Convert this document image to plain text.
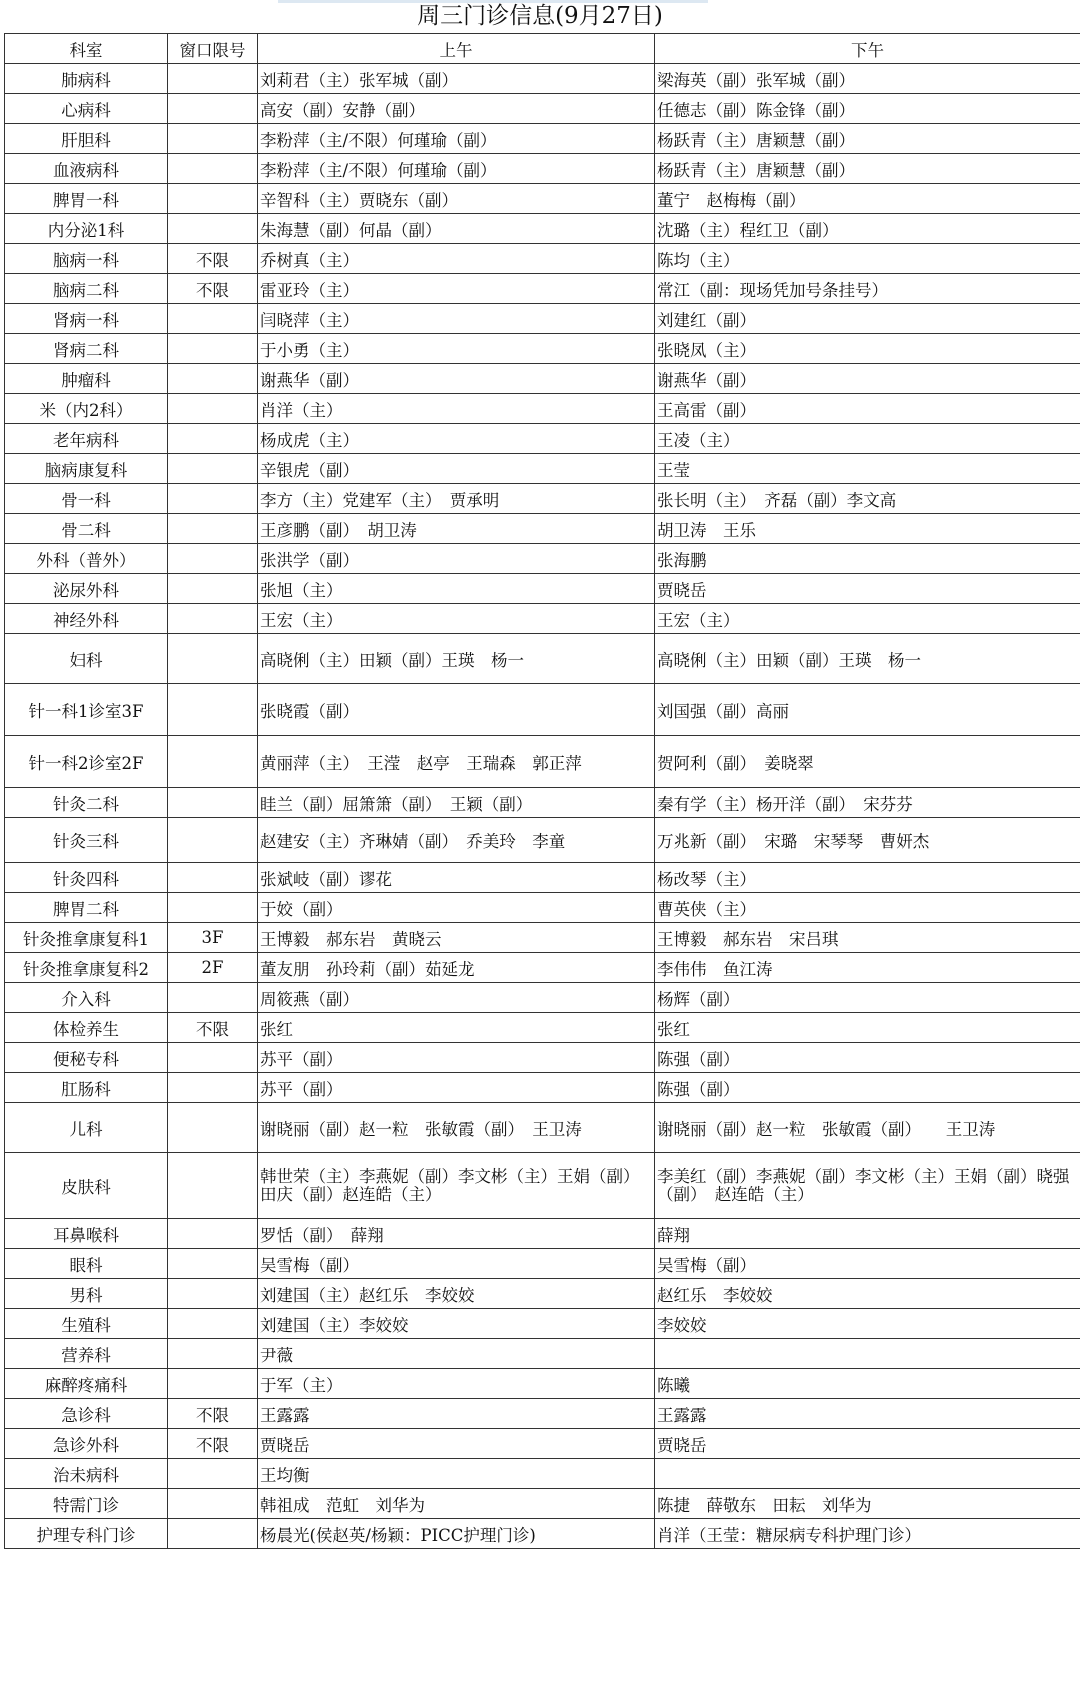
周三门诊信息(9月27日)
科室	窗口限号	上午	下午
肺病科		刘莉君（主）张军城（副）	梁海英（副）张军城（副）
心病科		高安（副）安静（副）	任德志（副）陈金锋（副）
肝胆科		李粉萍（主/不限）何瑾瑜（副）	杨跃青（主）唐颖慧（副）
血液病科		李粉萍（主/不限）何瑾瑜（副）	杨跃青（主）唐颖慧（副）
脾胃一科		辛智科（主）贾晓东（副）	董宁　赵梅梅（副）
内分泌1科		朱海慧（副）何晶（副）	沈璐（主）程红卫（副）
脑病一科	不限	乔树真（主）	陈均（主）
脑病二科	不限	雷亚玲（主）	常江（副：现场凭加号条挂号）
肾病一科		闫晓萍（主）	刘建红（副）
肾病二科		于小勇（主）	张晓凤（主）
肿瘤科		谢燕华（副）	谢燕华（副）
米（内2科）		肖洋（主）	王高雷（副）
老年病科		杨成虎（主）	王凌（主）
脑病康复科		辛银虎（副）	王莹
骨一科		李方（主）党建军（主）　贾承明	张长明（主）　齐磊（副）李文高
骨二科		王彦鹏（副）　胡卫涛	胡卫涛　王乐
外科（普外）		张洪学（副）	张海鹏
泌尿外科		张旭（主）	贾晓岳
神经外科		王宏（主）	王宏（主）
妇科		高晓俐（主）田颖（副）王瑛　杨一	高晓俐（主）田颖（副）王瑛　杨一
针一科1诊室3F		张晓霞（副）	刘国强（副）高丽
针一科2诊室2F		黄丽萍（主）　王滢　赵亭　王瑞森　郭正萍	贺阿利（副）　姜晓翠
针灸二科		眭兰（副）屈箫箫（副）　王颖（副）	秦有学（主）杨开洋（副）　宋芬芬
针灸三科		赵建安（主）齐琳婧（副）　乔美玲　李童	万兆新（副）　宋璐　宋琴琴　曹妍杰
针灸四科		张斌岐（副）谬花	杨改琴（主）
脾胃二科		于姣（副）	曹英侠（主）
针灸推拿康复科1	3F	王博毅　郝东岩　黄晓云	王博毅　郝东岩　宋吕琪
针灸推拿康复科2	2F	董友朋　孙玲莉（副）茹延龙	李伟伟　鱼江涛
介入科		周筱燕（副）	杨辉（副）
体检养生	不限	张红	张红
便秘专科		苏平（副）	陈强（副）
肛肠科		苏平（副）	陈强（副）
儿科		谢晓丽（副）赵一粒　张敏霞（副）　王卫涛	谢晓丽（副）赵一粒　张敏霞（副）　　王卫涛
皮肤科		韩世荣（主）李燕妮（副）李文彬（主）王娟（副）田庆（副）赵连皓（主）	李美红（副）李燕妮（副）李文彬（主）王娟（副）晓强（副）　赵连皓（主）
耳鼻喉科		罗恬（副）　薛翔	薛翔
眼科		吴雪梅（副）	吴雪梅（副）
男科		刘建国（主）赵红乐　李姣姣	赵红乐　李姣姣
生殖科		刘建国（主）李姣姣	李姣姣
营养科		尹薇	
麻醉疼痛科		于军（主）	陈曦
急诊科	不限	王露露	王露露
急诊外科	不限	贾晓岳	贾晓岳
治未病科		王均衡	
特需门诊		韩祖成　范虹　刘华为	陈捷　薛敬东　田耘　刘华为
护理专科门诊		杨晨光(侯赵英/杨颖：PICC护理门诊)	肖洋（王莹：糖尿病专科护理门诊）
